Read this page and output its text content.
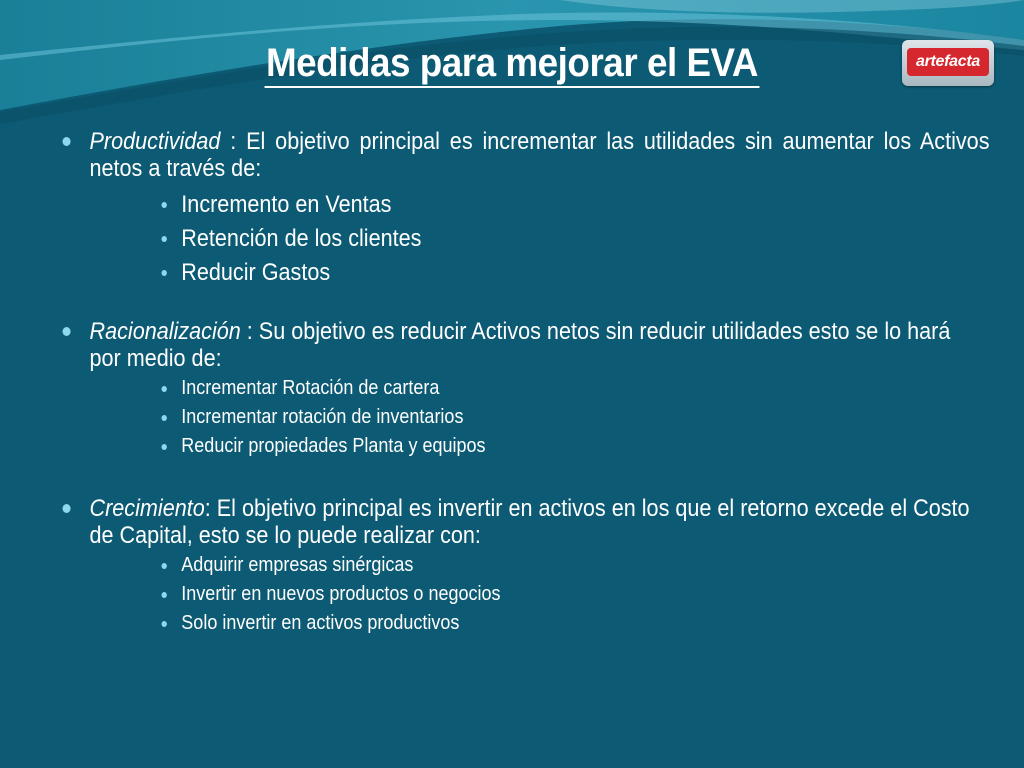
Medidas para mejorar el EVA	artefacta
Productividad : El objetivo principal es incrementar las utilidades sin aumentar los Activos netos a través de:
Incremento en Ventas
Retención de los clientes
Reducir Gastos
Racionalización : Su objetivo es reducir Activos netos sin reducir utilidades esto se lo hará por medio de:
Incrementar Rotación de cartera
Incrementar rotación de inventarios
Reducir propiedades Planta y equipos
Crecimiento: El objetivo principal es invertir en activos en los que el retorno excede el Costo de Capital, esto se lo puede realizar con:
Adquirir empresas sinérgicas
Invertir en nuevos productos o negocios
Solo invertir en activos productivos
